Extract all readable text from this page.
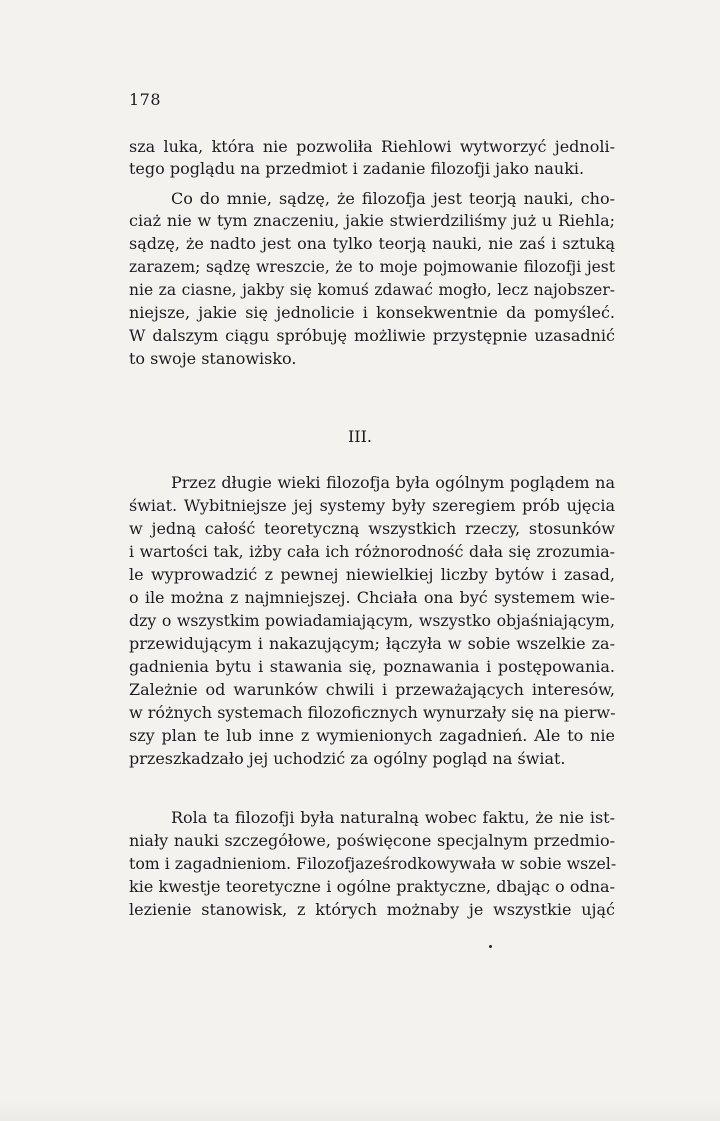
178
sza luka, która nie pozwoliła Riehlowi wytworzyć jednoli-
tego poglądu na przedmiot i zadanie filozofji jako nauki.
Co do mnie, sądzę, że filozofja jest teorją nauki, cho-
ciaż nie w tym znaczeniu, jakie stwierdziliśmy już u Riehla;
sądzę, że nadto jest ona tylko teorją nauki, nie zaś i sztuką
zarazem; sądzę wreszcie, że to moje pojmowanie filozofji jest
nie za ciasne, jakby się komuś zdawać mogło, lecz najobszer-
niejsze, jakie się jednolicie i konsekwentnie da pomyśleć.
W dalszym ciągu spróbuję możliwie przystępnie uzasadnić
to swoje stanowisko.
III.
Przez długie wieki filozofja była ogólnym poglądem na
świat. Wybitniejsze jej systemy były szeregiem prób ujęcia
w jedną całość teoretyczną wszystkich rzeczy, stosunków
i wartości tak, iżby cała ich różnorodność dała się zrozumia-
le wyprowadzić z pewnej niewielkiej liczby bytów i zasad,
o ile można z najmniejszej. Chciała ona być systemem wie-
dzy o wszystkim powiadamiającym, wszystko objaśniającym,
przewidującym i nakazującym; łączyła w sobie wszelkie za-
gadnienia bytu i stawania się, poznawania i postępowania.
Zależnie od warunków chwili i przeważających interesów,
w różnych systemach filozoficznych wynurzały się na pierw-
szy plan te lub inne z wymienionych zagadnień. Ale to nie
przeszkadzało jej uchodzić za ogólny pogląd na świat.
Rola ta filozofji była naturalną wobec faktu, że nie ist-
niały nauki szczegółowe, poświęcone specjalnym przedmio-
tom i zagadnieniom. Filozofjaześrodkowywała w sobie wszel-
kie kwestje teoretyczne i ogólne praktyczne, dbając o odna-
lezienie stanowisk, z których możnaby je wszystkie ująć
